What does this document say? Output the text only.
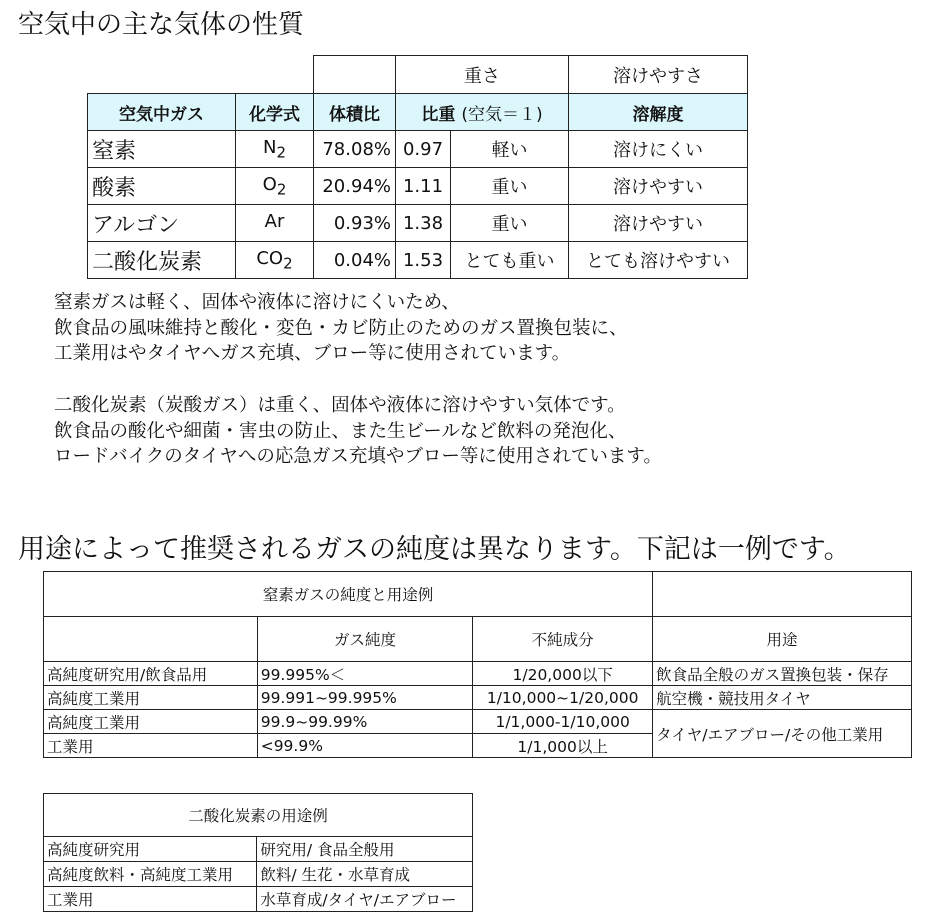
空気中の主な気体の性質
			重さ		溶けやすさ
空気中ガス	化学式	体積比	比重 (空気＝１)		溶解度
窒素	$N_2$	78.08%	0.97	軽い	溶けにくい
酸素	$O_2$	20.94%	1.11	重い	溶けやすい
アルゴン	Ar	0.93%	1.38	重い	溶けやすい
二酸化炭素	$CO_2$	0.04%	1.53	とても重い	とても溶けやすい
窒素ガスは軽く、固体や液体に溶けにくいため、
飲食品の風味維持と酸化・変色・カビ防止のためのガス置換包装に、
工業用はやタイヤへガス充填、ブロー等に使用されています。
二酸化炭素（炭酸ガス）は重く、固体や液体に溶けやすい気体です。
飲食品の酸化や細菌・害虫の防止、また生ビールなど飲料の発泡化、
ロードバイクのタイヤへの応急ガス充填やブロー等に使用されています。
用途によって推奨されるガスの純度は異なります。下記は一例です。
窒素ガスの純度と用途例			
	ガス純度	不純成分	用途
高純度研究用/飲食品用	99.995%＜	1/20,000以下	飲食品全般のガス置換包装・保存
高純度工業用	99.991~99.995%	1/10,000~1/20,000	航空機・競技用タイヤ
高純度工業用	99.9~99.99%	1/1,000-1/10,000	タイヤ/エアブロー/その他工業用
工業用	<99.9%	1/1,000以上	
二酸化炭素の用途例	
高純度研究用	研究用/ 食品全般用
高純度飲料・高純度工業用	飲料/ 生花・水草育成
工業用	水草育成/タイヤ/エアブロー
